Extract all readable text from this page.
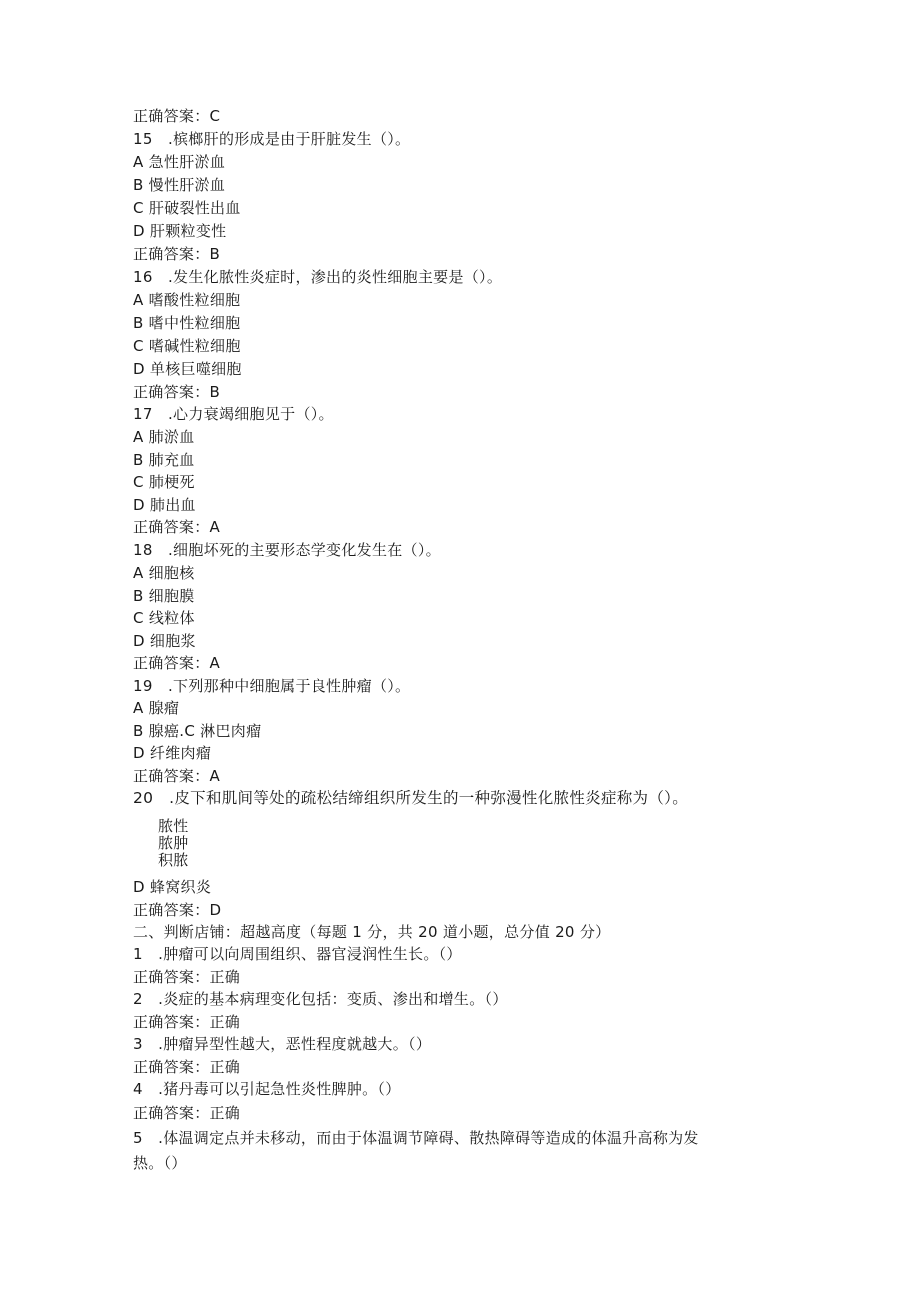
正确答案：C
15　.槟榔肝的形成是由于肝脏发生（）。
A 急性肝淤血
B 慢性肝淤血
C 肝破裂性出血
D 肝颗粒变性
正确答案：B
16　.发生化脓性炎症时，渗出的炎性细胞主要是（）。
A 嗜酸性粒细胞
B 嗜中性粒细胞
C 嗜碱性粒细胞
D 单核巨噬细胞
正确答案：B
17　.心力衰竭细胞见于（）。
A 肺淤血
B 肺充血
C 肺梗死
D 肺出血
正确答案：A
18　.细胞坏死的主要形态学变化发生在（）。
A 细胞核
B 细胞膜
C 线粒体
D 细胞浆
正确答案：A
19　.下列那种中细胞属于良性肿瘤（）。
A 腺瘤
B 腺癌.C 淋巴肉瘤
D 纤维肉瘤
正确答案：A
20　.皮下和肌间等处的疏松结缔组织所发生的一种弥漫性化脓性炎症称为（）。
脓性
脓肿
积脓
D 蜂窝织炎
正确答案：D
二、判断店铺：超越高度（每题 1 分，共 20 道小题，总分值 20 分）
1　.肿瘤可以向周围组织、器官浸润性生长。（）
正确答案：正确
2　.炎症的基本病理变化包括：变质、渗出和增生。（）
正确答案：正确
3　.肿瘤异型性越大，恶性程度就越大。（）
正确答案：正确
4　.猪丹毒可以引起急性炎性脾肿。（）
正确答案：正确
5　.体温调定点并未移动，而由于体温调节障碍、散热障碍等造成的体温升高称为发
热。（）
